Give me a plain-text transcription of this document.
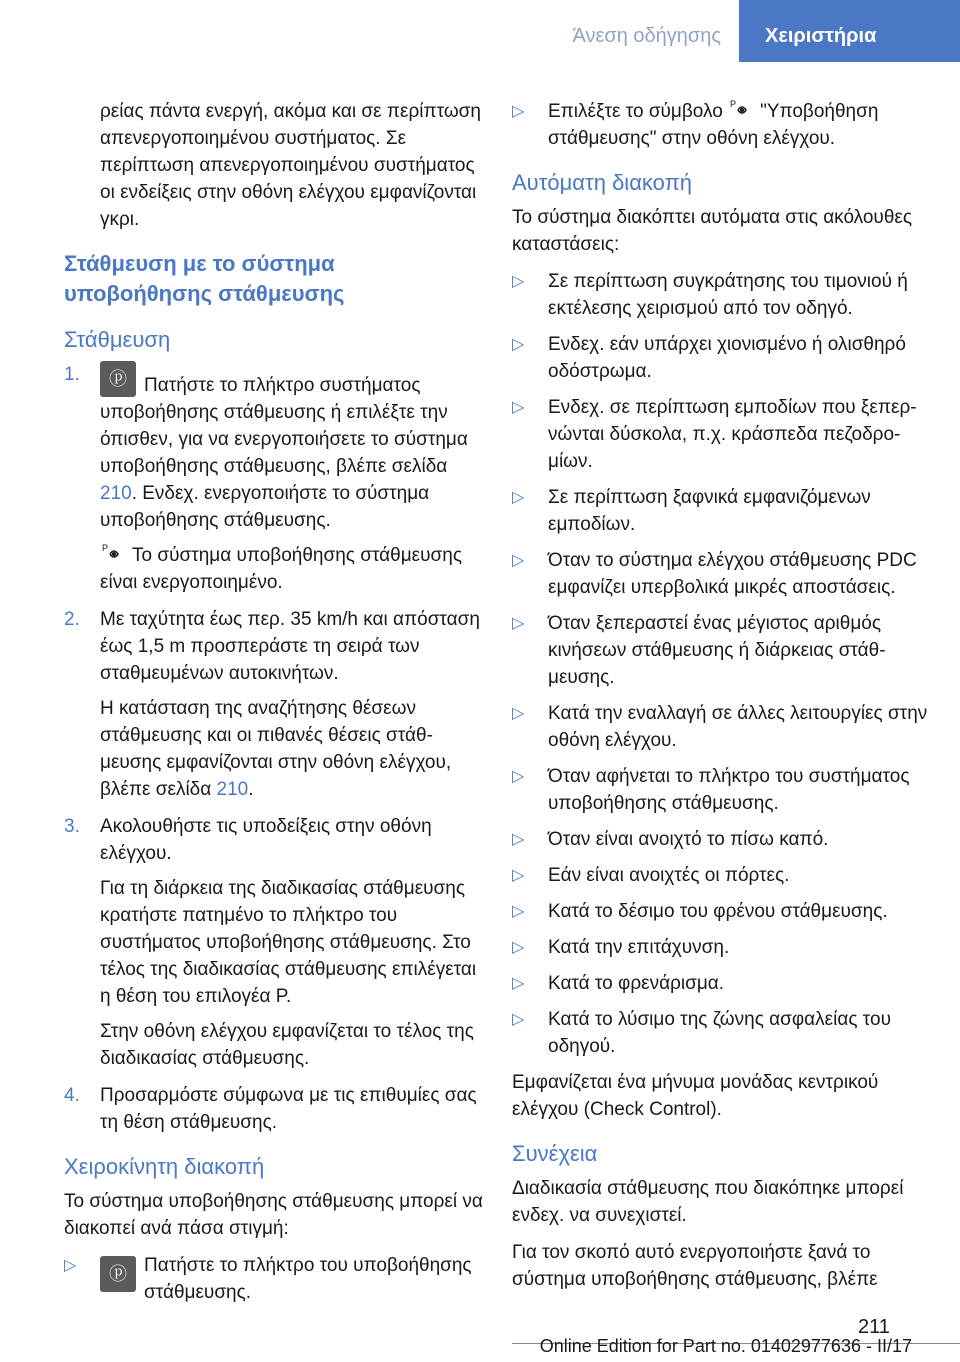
Άνεση οδήγησης Χειριστήρια

ρείας πάντα ενεργή, ακόμα και σε περίπτωση απενεργοποιημένου συστήματος. Σε περίπτωση απενεργοποιημένου συστήματος οι ενδείξεις στην οθόνη ελέγχου εμφανίζονται γκρι.

Στάθμευση με το σύστημα υποβοήθησης στάθμευσης
Στάθμευση
1.	ⓟ Πατήστε το πλήκτρο συστήματος υποβοήθησης στάθμευσης ή επιλέξτε την όπισθεν, για να ενεργοποιήσετε το σύστημα υποβοήθησης στάθμευσης, βλέπε σελίδα 210. Ενδεχ. ενεργοποιήστε το σύστημα υποβοήθησης στάθμευσης.

P Το σύστημα υποβοήθησης στάθμευσης είναι ενεργοποιημένο.

2. Με ταχύτητα έως περ. 35 km/h και απόσταση έως 1,5 m προσπεράστε τη σειρά των σταθμευμένων αυτοκινήτων.

Η κατάσταση της αναζήτησης θέσεων στάθμευσης και οι πιθανές θέσεις στάθμευσης εμφανίζονται στην οθόνη ελέγχου, βλέπε σελίδα 210.

3. Ακολουθήστε τις υποδείξεις στην οθόνη ελέγχου.

Για τη διάρκεια της διαδικασίας στάθμευσης κρατήστε πατημένο το πλήκτρο του συστήματος υποβοήθησης στάθμευσης. Στο τέλος της διαδικασίας στάθμευσης επιλέγεται η θέση του επιλογέα P.

Στην οθόνη ελέγχου εμφανίζεται το τέλος της διαδικασίας στάθμευσης.

4. Προσαρμόστε σύμφωνα με τις επιθυμίες σας τη θέση στάθμευσης.

Χειροκίνητη διακοπή

Το σύστημα υποβοήθησης στάθμευσης μπορεί να διακοπεί ανά πάσα στιγμή:

▷	ⓟ Πατήστε το πλήκτρο του υποβοήθησης στάθμευσης.
▷ Επιλέξτε το σύμβολο P "Υποβοήθηση στάθμευσης" στην οθόνη ελέγχου.
Αυτόματη διακοπή

Το σύστημα διακόπτει αυτόματα στις ακόλουθες καταστάσεις:

▷ Σε περίπτωση συγκράτησης του τιμονιού ή εκτέλεσης χειρισμού από τον οδηγό.
▷ Ενδεχ. εάν υπάρχει χιονισμένο ή ολισθηρό οδόστρωμα.
▷ Ενδεχ. σε περίπτωση εμποδίων που ξεπερνώνται δύσκολα, π.χ. κράσπεδα πεζοδρομίων.
▷ Σε περίπτωση ξαφνικά εμφανιζόμενων εμποδίων.
▷ Όταν το σύστημα ελέγχου στάθμευσης PDC εμφανίζει υπερβολικά μικρές αποστάσεις.
▷ Όταν ξεπεραστεί ένας μέγιστος αριθμός κινήσεων στάθμευσης ή διάρκειας στάθμευσης.
▷ Κατά την εναλλαγή σε άλλες λειτουργίες στην οθόνη ελέγχου.
▷ Όταν αφήνεται το πλήκτρο του συστήματος υποβοήθησης στάθμευσης.
▷ Όταν είναι ανοιχτό το πίσω καπό.
▷ Εάν είναι ανοιχτές οι πόρτες.
▷ Κατά το δέσιμο του φρένου στάθμευσης.
▷ Κατά την επιτάχυνση.
▷ Κατά το φρενάρισμα.
▷ Κατά το λύσιμο της ζώνης ασφαλείας του οδηγού.

Εμφανίζεται ένα μήνυμα μονάδας κεντρικού ελέγχου (Check Control).

Συνέχεια

Διαδικασία στάθμευσης που διακόπηκε μπορεί ενδεχ. να συνεχιστεί.

Για τον σκοπό αυτό ενεργοποιήστε ξανά το σύστημα υποβοήθησης στάθμευσης, βλέπε

211
Online Edition for Part no. 01402977636 - II/17
